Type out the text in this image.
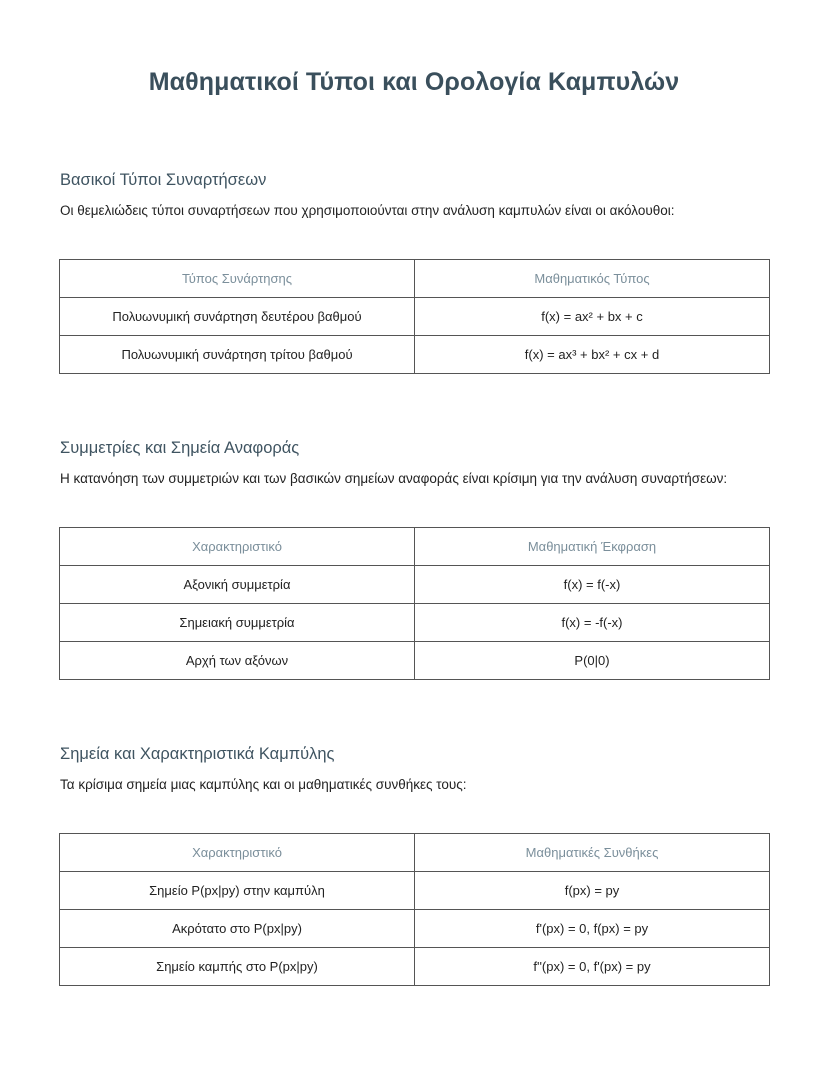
Μαθηματικοί Τύποι και Ορολογία Καμπυλών
Βασικοί Τύποι Συναρτήσεων
Οι θεμελιώδεις τύποι συναρτήσεων που χρησιμοποιούνται στην ανάλυση καμπυλών είναι οι ακόλουθοι:
Τύπος Συνάρτησης	Μαθηματικός Τύπος
Πολυωνυμική συνάρτηση δευτέρου βαθμού	f(x) = ax² + bx + c
Πολυωνυμική συνάρτηση τρίτου βαθμού	f(x) = ax³ + bx² + cx + d
Συμμετρίες και Σημεία Αναφοράς
Η κατανόηση των συμμετριών και των βασικών σημείων αναφοράς είναι κρίσιμη για την ανάλυση συναρτήσεων:
Χαρακτηριστικό	Μαθηματική Έκφραση
Αξονική συμμετρία	f(x) = f(-x)
Σημειακή συμμετρία	f(x) = -f(-x)
Αρχή των αξόνων	P(0|0)
Σημεία και Χαρακτηριστικά Καμπύλης
Τα κρίσιμα σημεία μιας καμπύλης και οι μαθηματικές συνθήκες τους:
Χαρακτηριστικό	Μαθηματικές Συνθήκες
Σημείο P(px|py) στην καμπύλη	f(px) = py
Ακρότατο στο P(px|py)	f'(px) = 0, f(px) = py
Σημείο καμπής στο P(px|py)	f''(px) = 0, f'(px) = py
